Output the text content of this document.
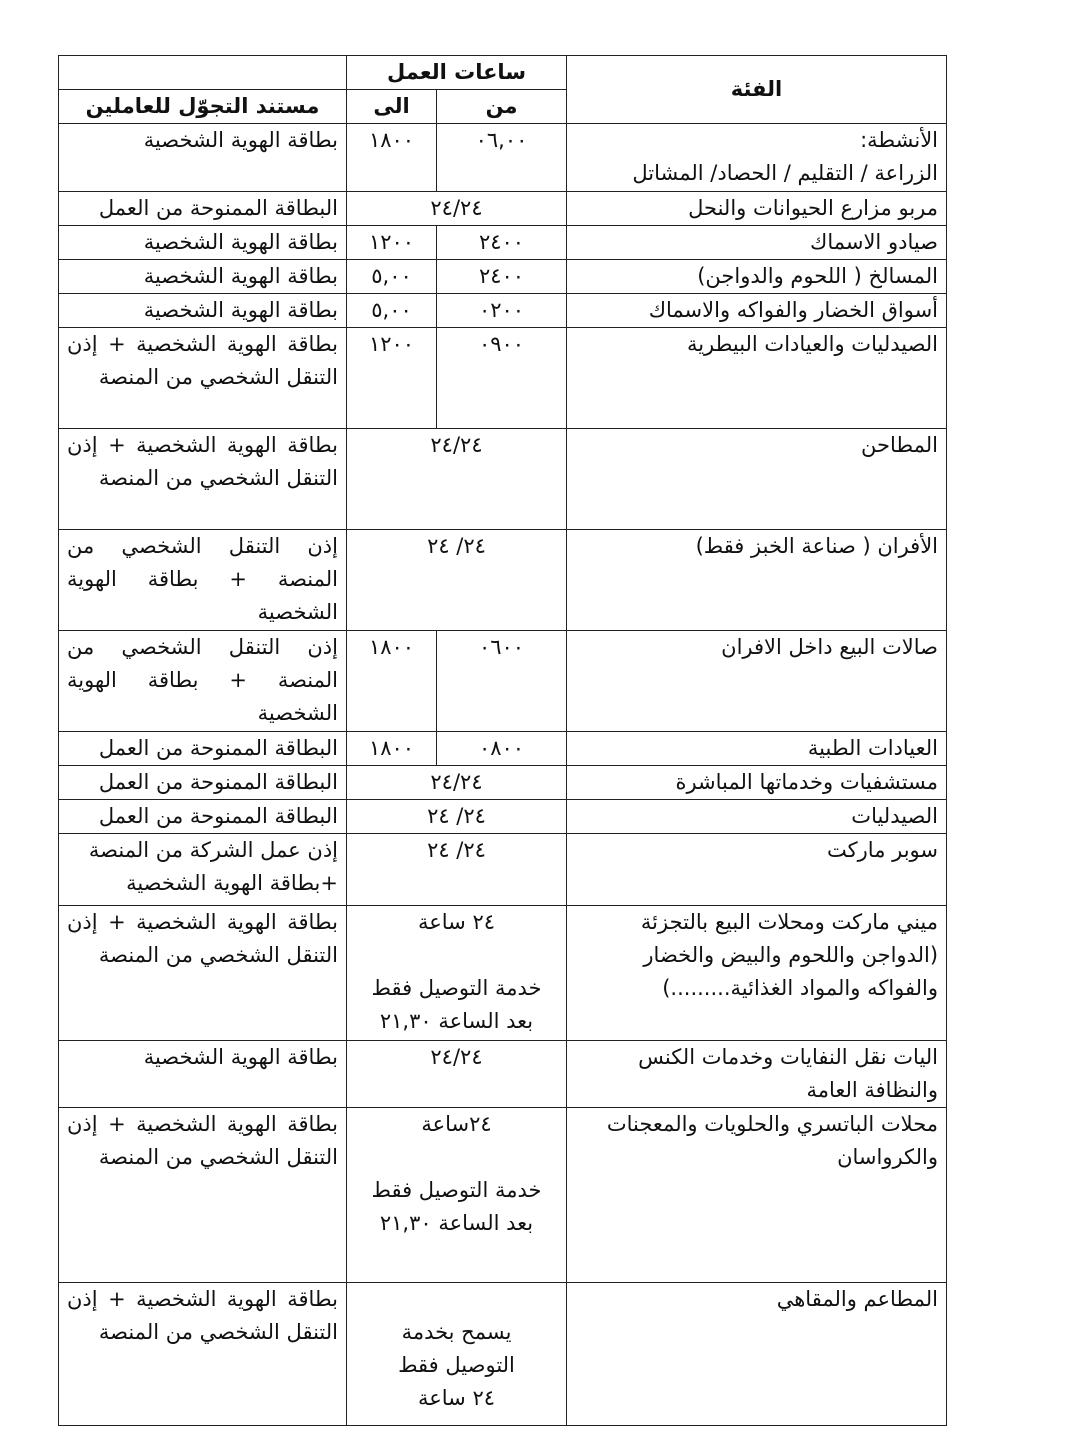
الفئة	ساعات العمل		
	من	الى	مستند التجوّل للعاملين

الأنشطة:
الزراعة / التقليم / الحصاد/ المشاتل	٠٦,٠٠	١٨٠٠	بطاقة الهوية الشخصية

مربو مزارع الحيوانات والنحل	٢٤/٢٤		البطاقة الممنوحة من العمل

صيادو الاسماك	٢٤٠٠	١٢٠٠	بطاقة الهوية الشخصية

المسالخ ( اللحوم والدواجن)	٢٤٠٠	٥,٠٠	بطاقة الهوية الشخصية

أسواق الخضار والفواكه والاسماك	٠٢٠٠	٥,٠٠	بطاقة الهوية الشخصية

الصيدليات والعيادات البيطرية	٠٩٠٠	١٢٠٠	بطاقة الهوية الشخصية + إذن التنقل الشخصي من المنصة

المطاحن	٢٤/٢٤		بطاقة الهوية الشخصية + إذن التنقل الشخصي من المنصة

الأفران ( صناعة الخبز فقط)	٢٤/ ٢٤		إذن التنقل الشخصي من المنصة + بطاقة الهوية الشخصية

صالات البيع داخل الافران	٠٦٠٠	١٨٠٠	إذن التنقل الشخصي من المنصة + بطاقة الهوية الشخصية

العيادات الطبية	٠٨٠٠	١٨٠٠	البطاقة الممنوحة من العمل

مستشفيات وخدماتها المباشرة	٢٤/٢٤		البطاقة الممنوحة من العمل

الصيدليات	٢٤/ ٢٤		البطاقة الممنوحة من العمل

سوبر ماركت	٢٤/ ٢٤		إذن عمل الشركة من المنصة
+بطاقة الهوية الشخصية

ميني ماركت ومحلات البيع بالتجزئة (الدواجن واللحوم والبيض والخضار والفواكه والمواد الغذائية.........)	٢٤ ساعة
خدمة التوصيل فقط
بعد الساعة ٢١,٣٠		بطاقة الهوية الشخصية + إذن التنقل الشخصي من المنصة

اليات نقل النفايات وخدمات الكنس والنظافة العامة	٢٤/٢٤		بطاقة الهوية الشخصية

محلات الباتسري والحلويات والمعجنات والكرواسان	٢٤ساعة
خدمة التوصيل فقط
بعد الساعة ٢١,٣٠		بطاقة الهوية الشخصية + إذن التنقل الشخصي من المنصة

المطاعم والمقاهي	يسمح بخدمة
التوصيل فقط
٢٤ ساعة		بطاقة الهوية الشخصية + إذن التنقل الشخصي من المنصة
